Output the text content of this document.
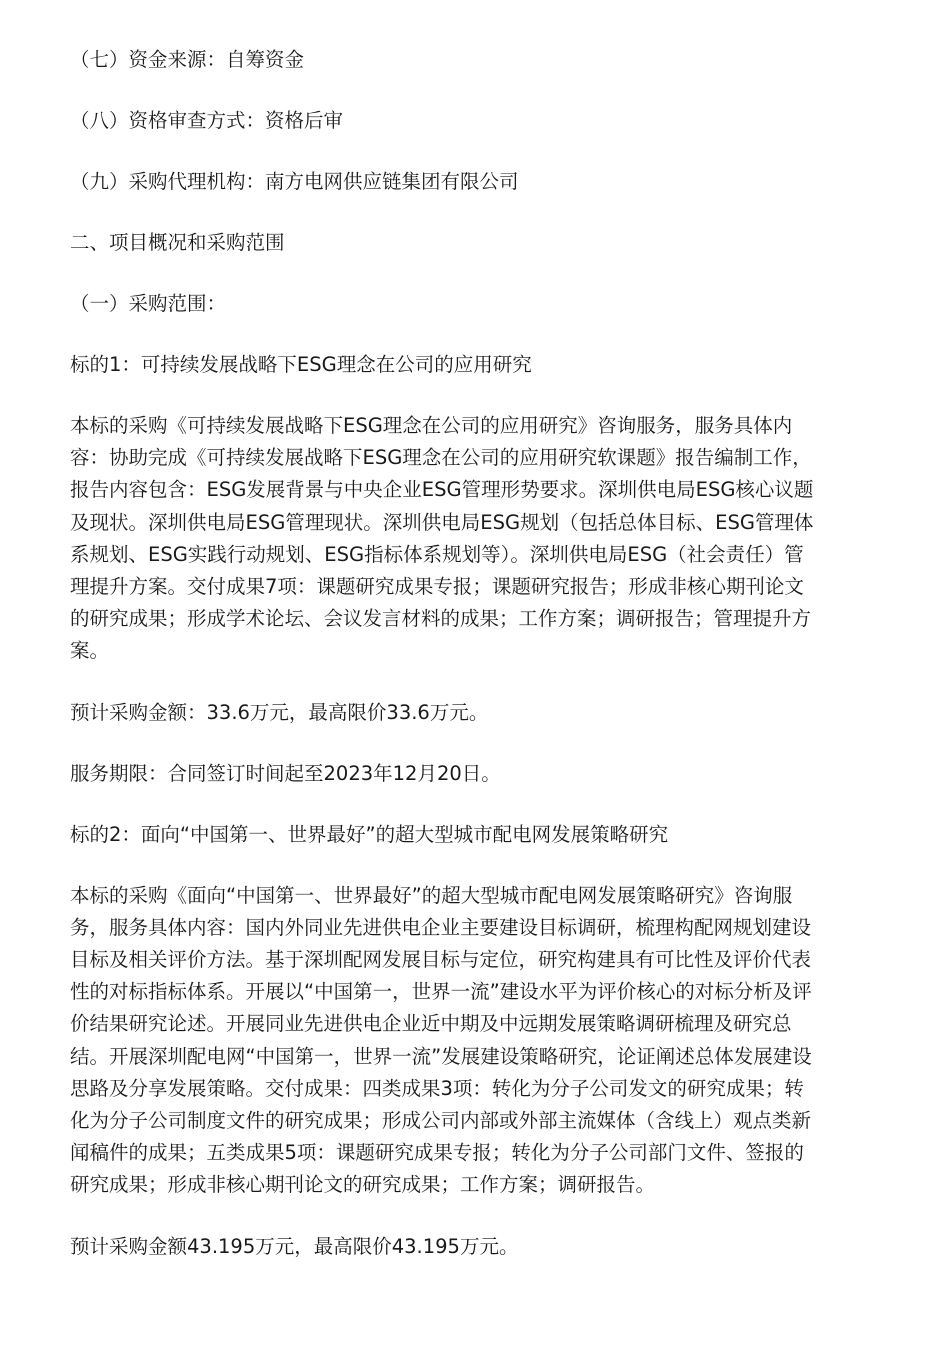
（七）资金来源：自筹资金
（八）资格审查方式：资格后审
（九）采购代理机构：南方电网供应链集团有限公司
二、项目概况和采购范围
（一）采购范围：
标的1：可持续发展战略下ESG理念在公司的应用研究
本标的采购《可持续发展战略下ESG理念在公司的应用研究》咨询服务，服务具体内
容：协助完成《可持续发展战略下ESG理念在公司的应用研究软课题》报告编制工作，
报告内容包含：ESG发展背景与中央企业ESG管理形势要求。深圳供电局ESG核心议题
及现状。深圳供电局ESG管理现状。深圳供电局ESG规划（包括总体目标、ESG管理体
系规划、ESG实践行动规划、ESG指标体系规划等）。深圳供电局ESG（社会责任）管
理提升方案。交付成果7项：课题研究成果专报；课题研究报告；形成非核心期刊论文
的研究成果；形成学术论坛、会议发言材料的成果；工作方案；调研报告；管理提升方
案。
预计采购金额：33.6万元，最高限价33.6万元。
服务期限：合同签订时间起至2023年12月20日。
标的2：面向“中国第一、世界最好”的超大型城市配电网发展策略研究
本标的采购《面向“中国第一、世界最好”的超大型城市配电网发展策略研究》咨询服
务，服务具体内容：国内外同业先进供电企业主要建设目标调研，梳理构配网规划建设
目标及相关评价方法。基于深圳配网发展目标与定位，研究构建具有可比性及评价代表
性的对标指标体系。开展以“中国第一，世界一流”建设水平为评价核心的对标分析及评
价结果研究论述。开展同业先进供电企业近中期及中远期发展策略调研梳理及研究总
结。开展深圳配电网“中国第一，世界一流”发展建设策略研究，论证阐述总体发展建设
思路及分享发展策略。交付成果：四类成果3项：转化为分子公司发文的研究成果；转
化为分子公司制度文件的研究成果；形成公司内部或外部主流媒体（含线上）观点类新
闻稿件的成果；五类成果5项：课题研究成果专报；转化为分子公司部门文件、签报的
研究成果；形成非核心期刊论文的研究成果；工作方案；调研报告。
预计采购金额43.195万元，最高限价43.195万元。
